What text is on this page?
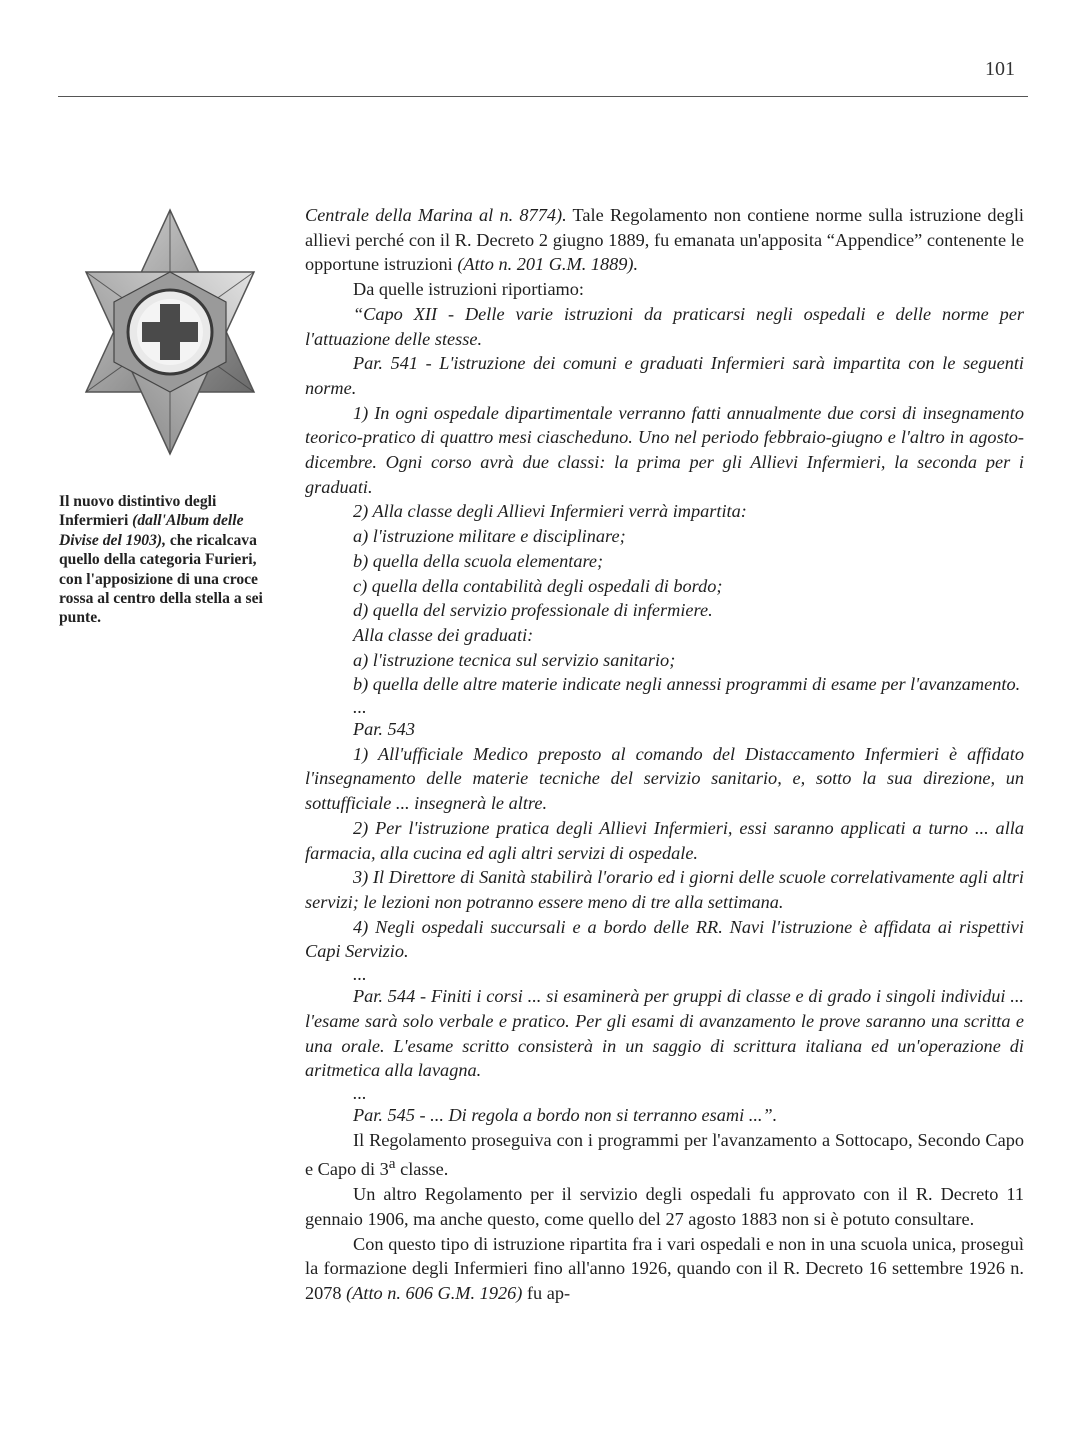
101
Il nuovo distintivo degli Infermieri (dall'Album delle Divise del 1903), che ricalcava quello della categoria Furieri, con l'apposizione di una croce rossa al centro della stella a sei punte.

Centrale della Marina al n. 8774). Tale Regolamento non contiene norme sulla istruzione degli allievi perché con il R. Decreto 2 giugno 1889, fu emanata un'apposita “Appendice” contenente le opportune istruzioni (Atto n. 201 G.M. 1889).

Da quelle istruzioni riportiamo:

“Capo XII - Delle varie istruzioni da praticarsi negli ospedali e delle norme per l'attuazione delle stesse.

Par. 541 - L'istruzione dei comuni e graduati Infermieri sarà impartita con le seguenti norme.

1) In ogni ospedale dipartimentale verranno fatti annualmente due corsi di insegnamento teorico-pratico di quattro mesi ciascheduno. Uno nel periodo febbraio-giugno e l'altro in agosto-dicembre. Ogni corso avrà due classi: la prima per gli Allievi Infermieri, la seconda per i graduati.

2) Alla classe degli Allievi Infermieri verrà impartita:

a) l'istruzione militare e disciplinare;

b) quella della scuola elementare;

c) quella della contabilità degli ospedali di bordo;

d) quella del servizio professionale di infermiere.

Alla classe dei graduati:

a) l'istruzione tecnica sul servizio sanitario;

b) quella delle altre materie indicate negli annessi programmi di esame per l'avanzamento.

...

Par. 543

1) All'ufficiale Medico preposto al comando del Distaccamento Infermieri è affidato l'insegnamento delle materie tecniche del servizio sanitario, e, sotto la sua direzione, un sottufficiale ... insegnerà le altre.

2) Per l'istruzione pratica degli Allievi Infermieri, essi saranno applicati a turno ... alla farmacia, alla cucina ed agli altri servizi di ospedale.

3) Il Direttore di Sanità stabilirà l'orario ed i giorni delle scuole correlativamente agli altri servizi; le lezioni non potranno essere meno di tre alla settimana.

4) Negli ospedali succursali e a bordo delle RR. Navi l'istruzione è affidata ai rispettivi Capi Servizio.

...

Par. 544 - Finiti i corsi ... si esaminerà per gruppi di classe e di grado i singoli individui ... l'esame sarà solo verbale e pratico. Per gli esami di avanzamento le prove saranno una scritta e una orale. L'esame scritto consisterà in un saggio di scrittura italiana ed un'operazione di aritmetica alla lavagna.

...

Par. 545 - ... Di regola a bordo non si terranno esami ...”.

Il Regolamento proseguiva con i programmi per l'avanzamento a Sottocapo, Secondo Capo e Capo di 3$^a$ classe.

Un altro Regolamento per il servizio degli ospedali fu approvato con il R. Decreto 11 gennaio 1906, ma anche questo, come quello del 27 agosto 1883 non si è potuto consultare.

Con questo tipo di istruzione ripartita fra i vari ospedali e non in una scuola unica, proseguì la formazione degli Infermieri fino all'anno 1926, quando con il R. Decreto 16 settembre 1926 n. 2078 (Atto n. 606 G.M. 1926) fu ap-
